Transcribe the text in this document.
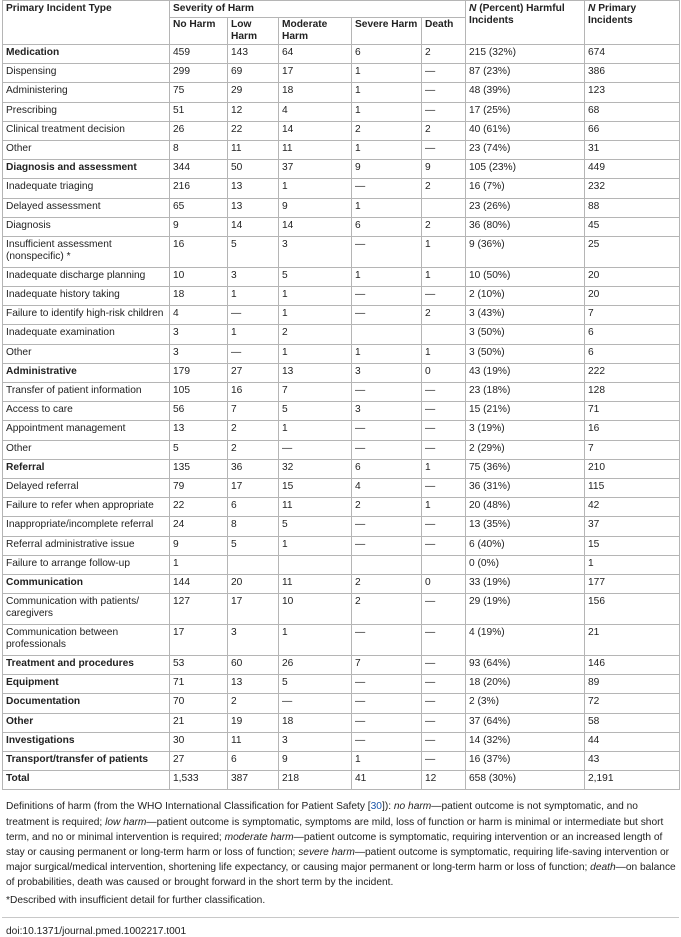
Primary Incident Type	Severity of Harm					N (Percent) Harmful Incidents	N Primary Incidents
	No Harm	Low Harm	Moderate Harm	Severe Harm	Death		
Medication	459	143	64	6	2	215 (32%)	674
Dispensing	299	69	17	1	—	87 (23%)	386
Administering	75	29	18	1	—	48 (39%)	123
Prescribing	51	12	4	1	—	17 (25%)	68
Clinical treatment decision	26	22	14	2	2	40 (61%)	66
Other	8	11	11	1	—	23 (74%)	31
Diagnosis and assessment	344	50	37	9	9	105 (23%)	449
Inadequate triaging	216	13	1	—	2	16 (7%)	232
Delayed assessment	65	13	9	1		23 (26%)	88
Diagnosis	9	14	14	6	2	36 (80%)	45
Insufficient assessment (nonspecific) *	16	5	3	—	1	9 (36%)	25
Inadequate discharge planning	10	3	5	1	1	10 (50%)	20
Inadequate history taking	18	1	1	—	—	2 (10%)	20
Failure to identify high-risk children	4	—	1	—	2	3 (43%)	7
Inadequate examination	3	1	2			3 (50%)	6
Other	3	—	1	1	1	3 (50%)	6
Administrative	179	27	13	3	0	43 (19%)	222
Transfer of patient information	105	16	7	—	—	23 (18%)	128
Access to care	56	7	5	3	—	15 (21%)	71
Appointment management	13	2	1	—	—	3 (19%)	16
Other	5	2	—	—	—	2 (29%)	7
Referral	135	36	32	6	1	75 (36%)	210
Delayed referral	79	17	15	4	—	36 (31%)	115
Failure to refer when appropriate	22	6	11	2	1	20 (48%)	42
Inappropriate/incomplete referral	24	8	5	—	—	13 (35%)	37
Referral administrative issue	9	5	1	—	—	6 (40%)	15
Failure to arrange follow-up	1					0 (0%)	1
Communication	144	20	11	2	0	33 (19%)	177
Communication with patients/ caregivers	127	17	10	2	—	29 (19%)	156
Communication between professionals	17	3	1	—	—	4 (19%)	21
Treatment and procedures	53	60	26	7	—	93 (64%)	146
Equipment	71	13	5	—	—	18 (20%)	89
Documentation	70	2	—	—	—	2 (3%)	72
Other	21	19	18	—	—	37 (64%)	58
Investigations	30	11	3	—	—	14 (32%)	44
Transport/transfer of patients	27	6	9	1	—	16 (37%)	43
Total	1,533	387	218	41	12	658 (30%)	2,191

Definitions of harm (from the WHO International Classification for Patient Safety [30]): no harm—patient outcome is not symptomatic, and no treatment is required; low harm—patient outcome is symptomatic, symptoms are mild, loss of function or harm is minimal or intermediate but short term, and no or minimal intervention is required; moderate harm—patient outcome is symptomatic, requiring intervention or an increased length of stay or causing permanent or long-term harm or loss of function; severe harm—patient outcome is symptomatic, requiring life-saving intervention or major surgical/medical intervention, shortening life expectancy, or causing major permanent or long-term harm or loss of function; death—on balance of probabilities, death was caused or brought forward in the short term by the incident.

*Described with insufficient detail for further classification.

doi:10.1371/journal.pmed.1002217.t001
